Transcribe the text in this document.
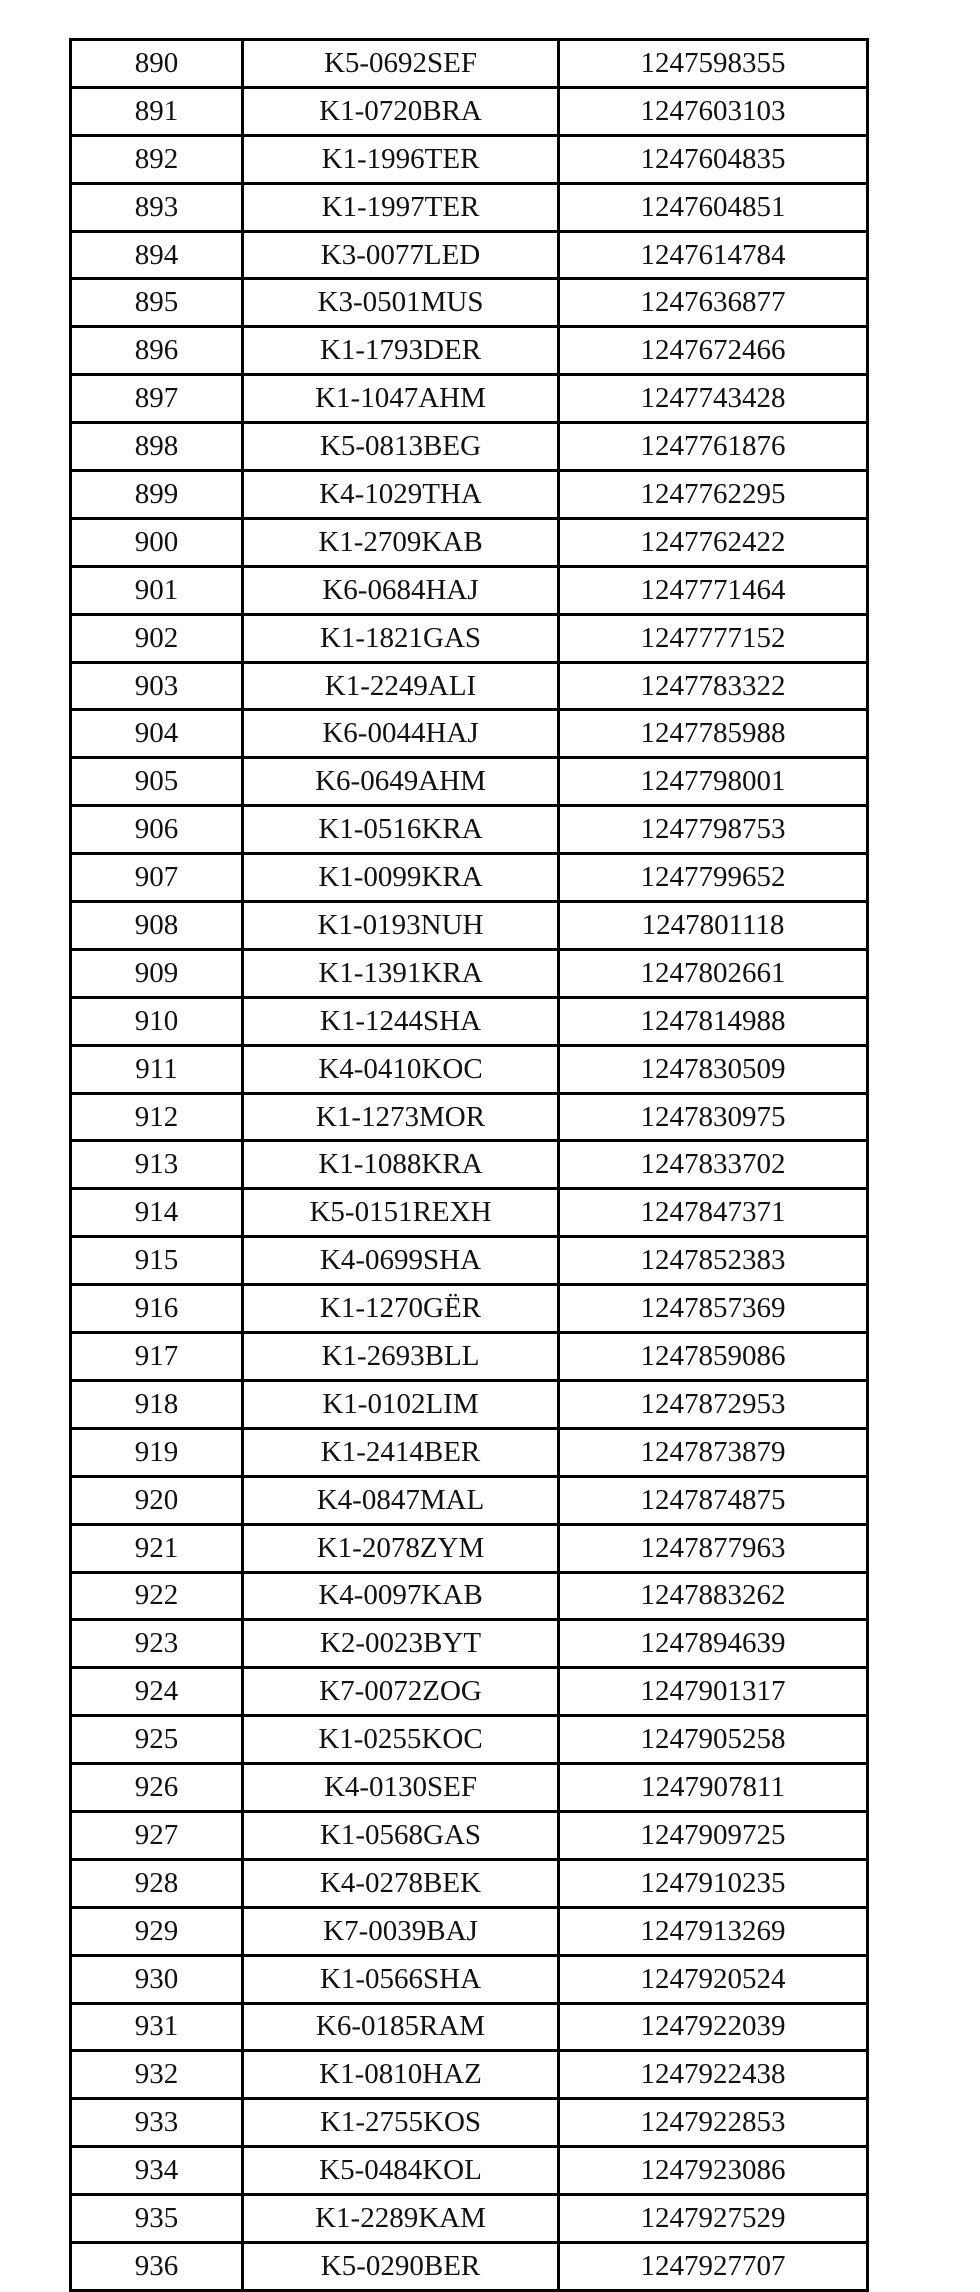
890	K5-0692SEF	1247598355
891	K1-0720BRA	1247603103
892	K1-1996TER	1247604835
893	K1-1997TER	1247604851
894	K3-0077LED	1247614784
895	K3-0501MUS	1247636877
896	K1-1793DER	1247672466
897	K1-1047AHM	1247743428
898	K5-0813BEG	1247761876
899	K4-1029THA	1247762295
900	K1-2709KAB	1247762422
901	K6-0684HAJ	1247771464
902	K1-1821GAS	1247777152
903	K1-2249ALI	1247783322
904	K6-0044HAJ	1247785988
905	K6-0649AHM	1247798001
906	K1-0516KRA	1247798753
907	K1-0099KRA	1247799652
908	K1-0193NUH	1247801118
909	K1-1391KRA	1247802661
910	K1-1244SHA	1247814988
911	K4-0410KOC	1247830509
912	K1-1273MOR	1247830975
913	K1-1088KRA	1247833702
914	K5-0151REXH	1247847371
915	K4-0699SHA	1247852383
916	K1-1270GËR	1247857369
917	K1-2693BLL	1247859086
918	K1-0102LIM	1247872953
919	K1-2414BER	1247873879
920	K4-0847MAL	1247874875
921	K1-2078ZYM	1247877963
922	K4-0097KAB	1247883262
923	K2-0023BYT	1247894639
924	K7-0072ZOG	1247901317
925	K1-0255KOC	1247905258
926	K4-0130SEF	1247907811
927	K1-0568GAS	1247909725
928	K4-0278BEK	1247910235
929	K7-0039BAJ	1247913269
930	K1-0566SHA	1247920524
931	K6-0185RAM	1247922039
932	K1-0810HAZ	1247922438
933	K1-2755KOS	1247922853
934	K5-0484KOL	1247923086
935	K1-2289KAM	1247927529
936	K5-0290BER	1247927707
